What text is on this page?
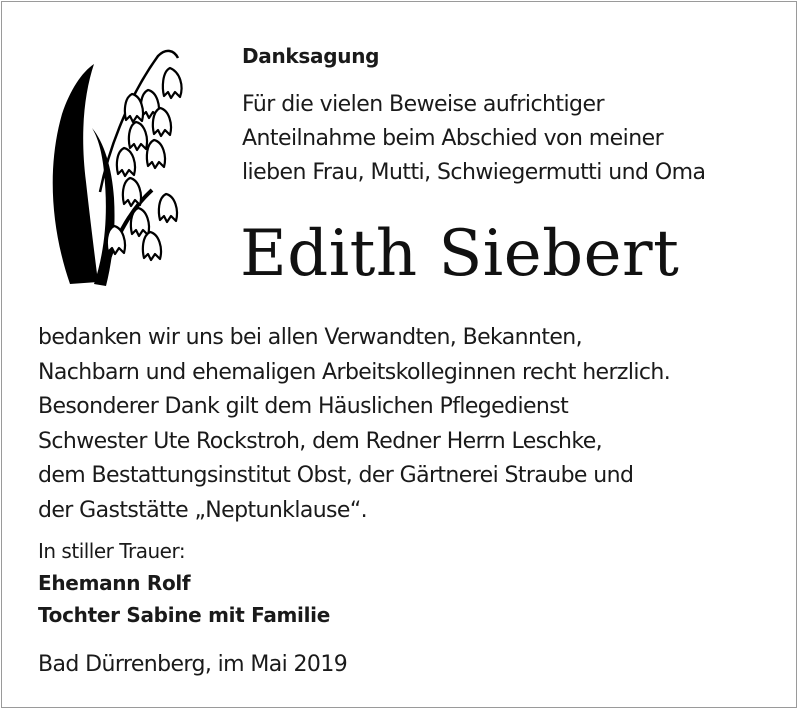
Danksagung
Für die vielen Beweise aufrichtiger
Anteilnahme beim Abschied von meiner
lieben Frau, Mutti, Schwiegermutti und Oma
Edith Siebert
bedanken wir uns bei allen Verwandten, Bekannten,
Nachbarn und ehemaligen Arbeitskolleginnen recht herzlich.
Besonderer Dank gilt dem Häuslichen Pflegedienst
Schwester Ute Rockstroh, dem Redner Herrn Leschke,
dem Bestattungsinstitut Obst, der Gärtnerei Straube und
der Gaststätte „Neptunklause“.
In stiller Trauer:
Ehemann Rolf
Tochter Sabine mit Familie
Bad Dürrenberg, im Mai 2019
